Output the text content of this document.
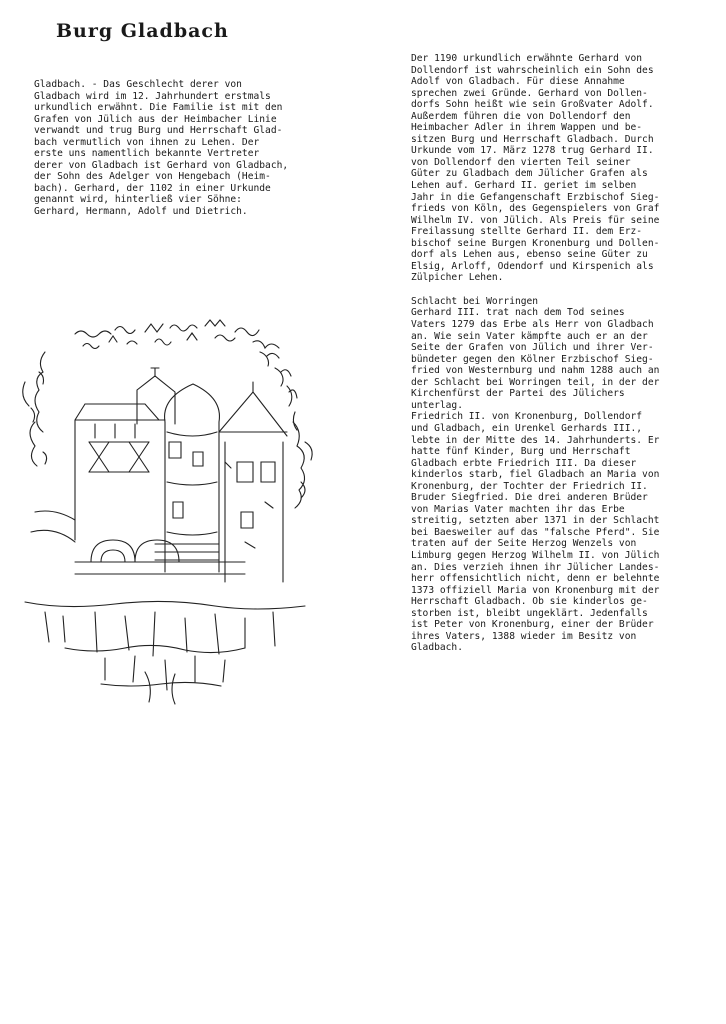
Burg Gladbach
Gladbach. - Das Geschlecht derer von
Gladbach wird im 12. Jahrhundert erstmals
urkundlich erwähnt. Die Familie ist mit den
Grafen von Jülich aus der Heimbacher Linie
verwandt und trug Burg und Herrschaft Glad-
bach vermutlich von ihnen zu Lehen. Der
erste uns namentlich bekannte Vertreter
derer von Gladbach ist Gerhard von Gladbach,
der Sohn des Adelger von Hengebach (Heim-
bach). Gerhard, der 1102 in einer Urkunde
genannt wird, hinterließ vier Söhne:
Gerhard, Hermann, Adolf und Dietrich.

Der 1190 urkundlich erwähnte Gerhard von
Dollendorf ist wahrscheinlich ein Sohn des
Adolf von Gladbach. Für diese Annahme
sprechen zwei Gründe. Gerhard von Dollen-
dorfs Sohn heißt wie sein Großvater Adolf.
Außerdem führen die von Dollendorf den
Heimbacher Adler in ihrem Wappen und be-
sitzen Burg und Herrschaft Gladbach. Durch
Urkunde vom 17. März 1278 trug Gerhard II.
von Dollendorf den vierten Teil seiner
Güter zu Gladbach dem Jülicher Grafen als
Lehen auf. Gerhard II. geriet im selben
Jahr in die Gefangenschaft Erzbischof Sieg-
frieds von Köln, des Gegenspielers von Graf
Wilhelm IV. von Jülich. Als Preis für seine
Freilassung stellte Gerhard II. dem Erz-
bischof seine Burgen Kronenburg und Dollen-
dorf als Lehen aus, ebenso seine Güter zu
Elsig, Arloff, Odendorf und Kirspenich als
Zülpicher Lehen.

Schlacht bei Worringen

Gerhard III. trat nach dem Tod seines
Vaters 1279 das Erbe als Herr von Gladbach
an. Wie sein Vater kämpfte auch er an der
Seite der Grafen von Jülich und ihrer Ver-
bündeter gegen den Kölner Erzbischof Sieg-
fried von Westernburg und nahm 1288 auch an
der Schlacht bei Worringen teil, in der der
Kirchenfürst der Partei des Jülichers
unterlag.

Friedrich II. von Kronenburg, Dollendorf
und Gladbach, ein Urenkel Gerhards III.,
lebte in der Mitte des 14. Jahrhunderts. Er
hatte fünf Kinder, Burg und Herrschaft
Gladbach erbte Friedrich III. Da dieser
kinderlos starb, fiel Gladbach an Maria von
Kronenburg, der Tochter der Friedrich II.
Bruder Siegfried. Die drei anderen Brüder
von Marias Vater machten ihr das Erbe
streitig, setzten aber 1371 in der Schlacht
bei Baesweiler auf das "falsche Pferd". Sie
traten auf der Seite Herzog Wenzels von
Limburg gegen Herzog Wilhelm II. von Jülich
an. Dies verzieh ihnen ihr Jülicher Landes-
herr offensichtlich nicht, denn er belehnte
1373 offiziell Maria von Kronenburg mit der
Herrschaft Gladbach. Ob sie kinderlos ge-
storben ist, bleibt ungeklärt. Jedenfalls
ist Peter von Kronenburg, einer der Brüder
ihres Vaters, 1388 wieder im Besitz von
Gladbach.
